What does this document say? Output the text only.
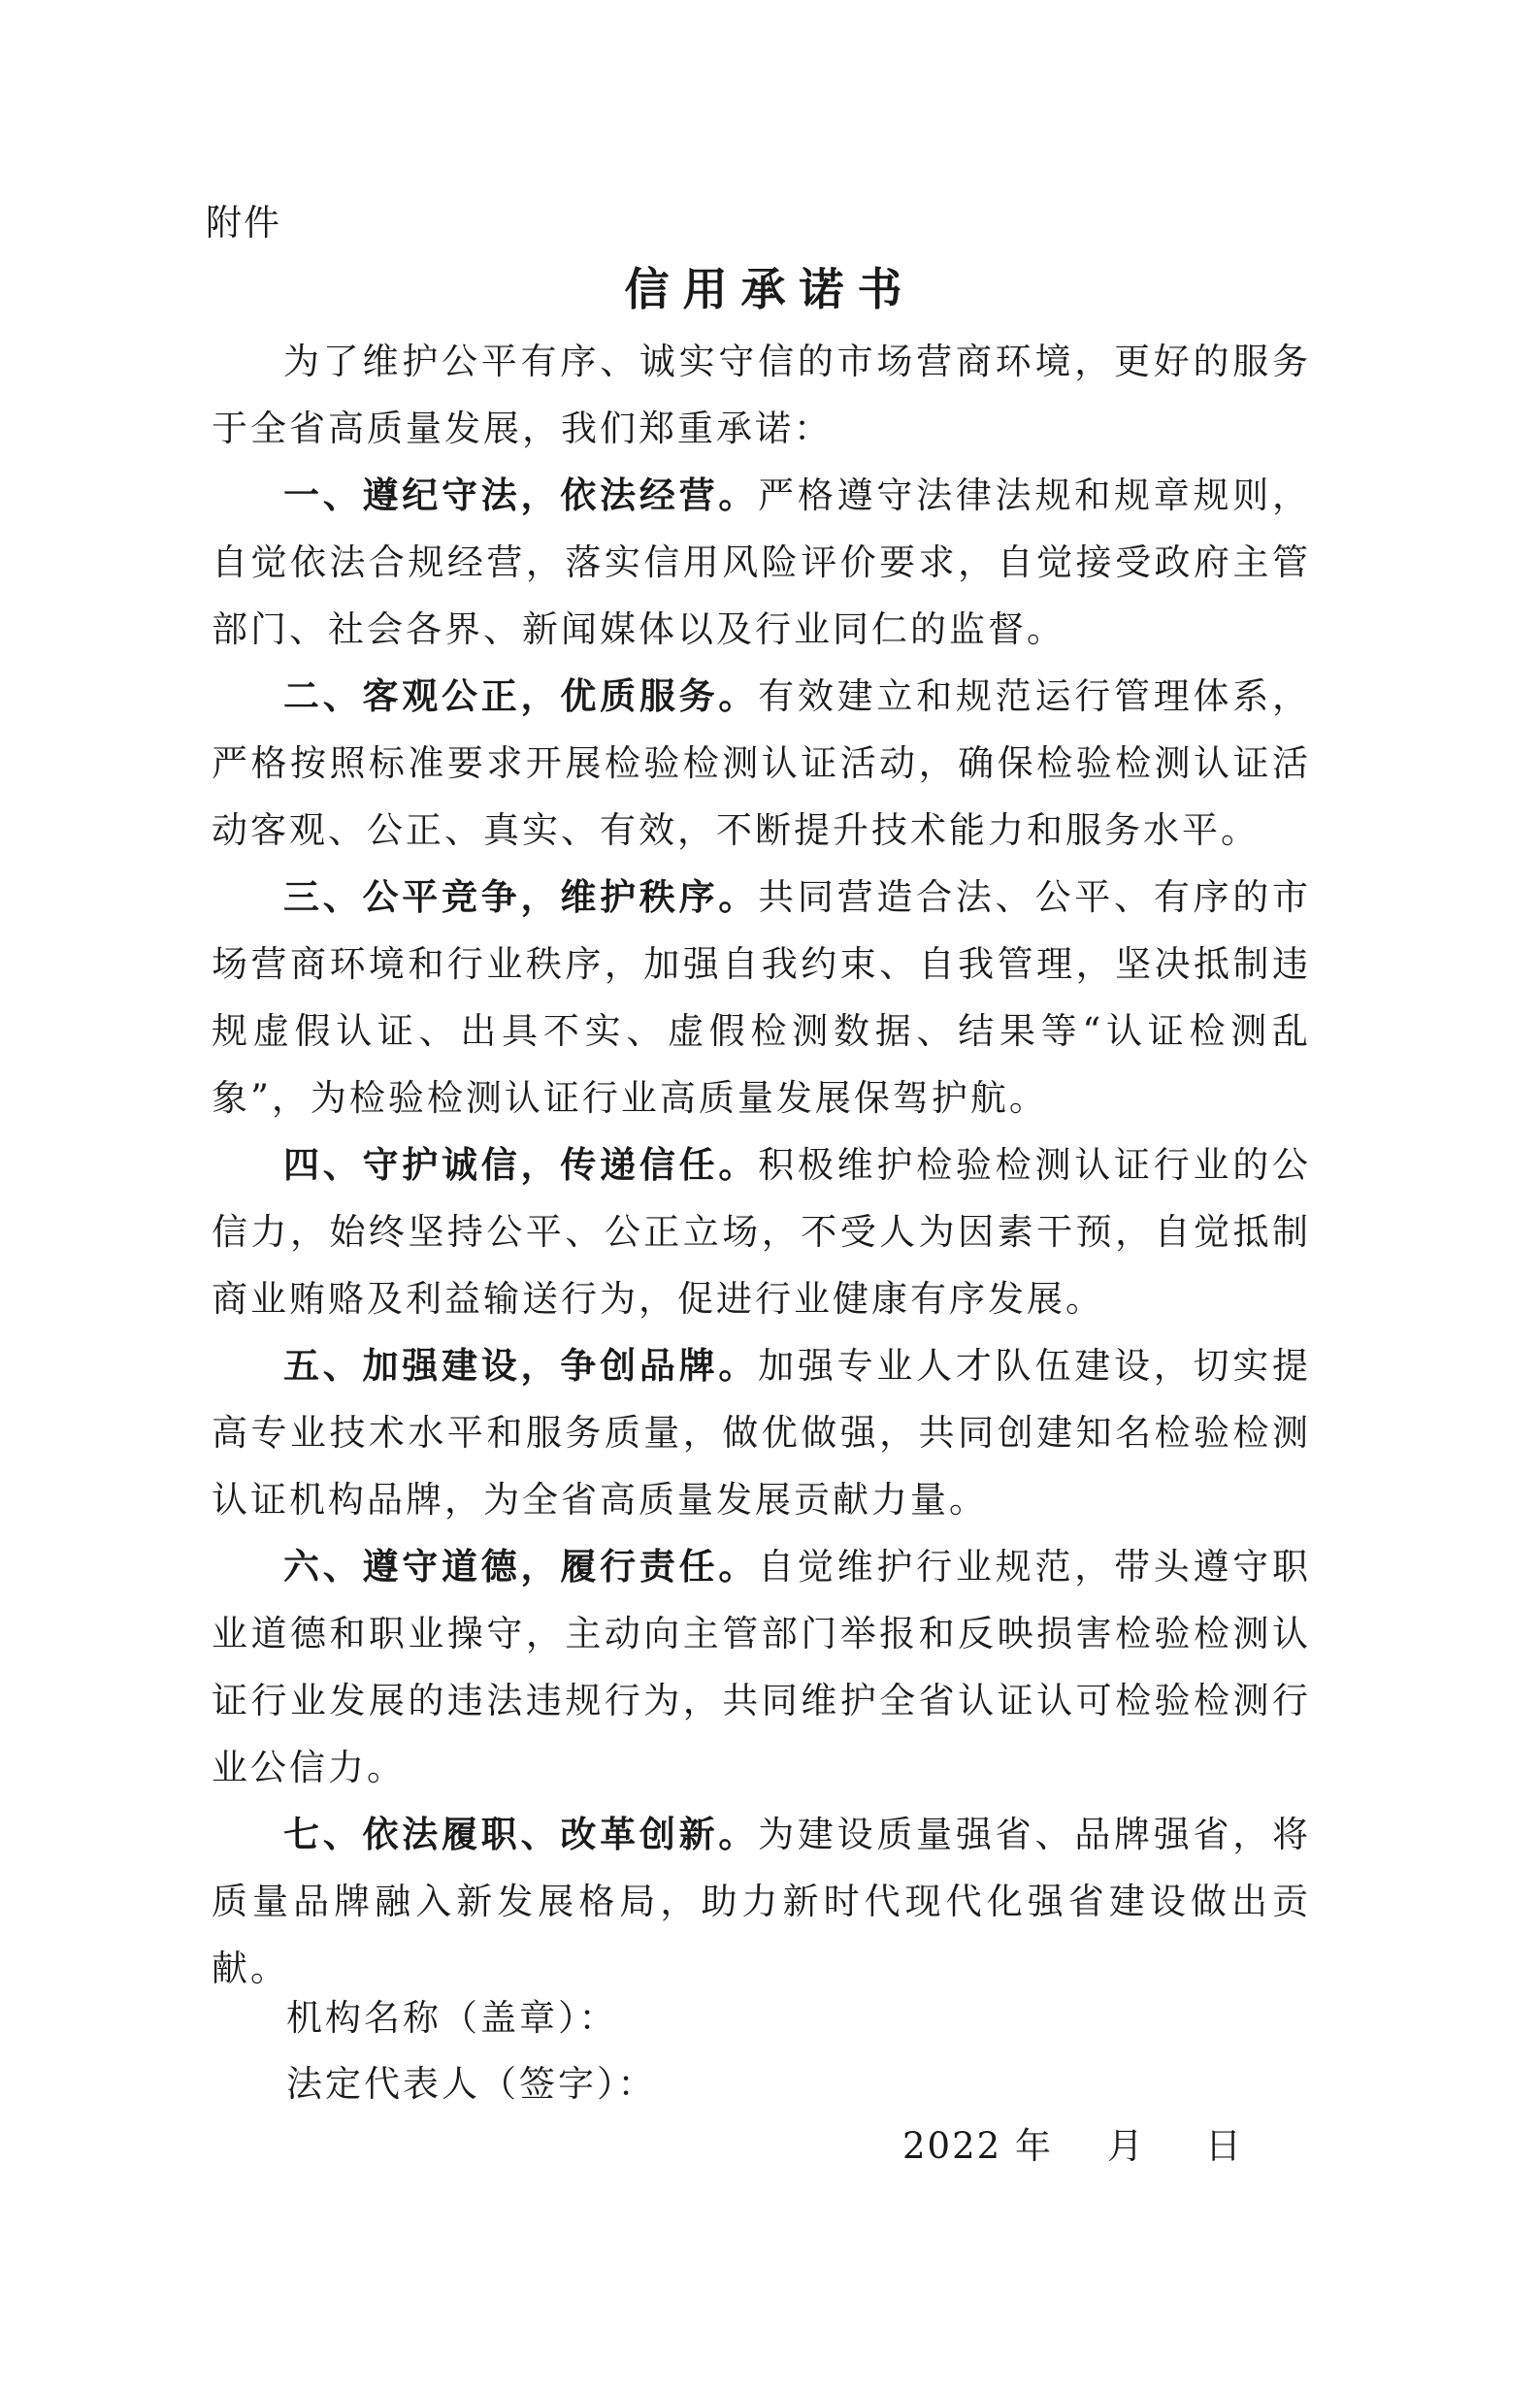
附件
信用承诺书

为了维护公平有序、诚实守信的市场营商环境，更好的服务于全省高质量发展，我们郑重承诺：

一、遵纪守法，依法经营。严格遵守法律法规和规章规则，自觉依法合规经营，落实信用风险评价要求，自觉接受政府主管部门、社会各界、新闻媒体以及行业同仁的监督。

二、客观公正，优质服务。有效建立和规范运行管理体系，严格按照标准要求开展检验检测认证活动，确保检验检测认证活动客观、公正、真实、有效，不断提升技术能力和服务水平。

三、公平竞争，维护秩序。共同营造合法、公平、有序的市场营商环境和行业秩序，加强自我约束、自我管理，坚决抵制违规虚假认证、出具不实、虚假检测数据、结果等“认证检测乱象”，为检验检测认证行业高质量发展保驾护航。

四、守护诚信，传递信任。积极维护检验检测认证行业的公信力，始终坚持公平、公正立场，不受人为因素干预，自觉抵制商业贿赂及利益输送行为，促进行业健康有序发展。

五、加强建设，争创品牌。加强专业人才队伍建设，切实提高专业技术水平和服务质量，做优做强，共同创建知名检验检测认证机构品牌，为全省高质量发展贡献力量。

六、遵守道德，履行责任。自觉维护行业规范，带头遵守职业道德和职业操守，主动向主管部门举报和反映损害检验检测认证行业发展的违法违规行为，共同维护全省认证认可检验检测行业公信力。

七、依法履职、改革创新。为建设质量强省、品牌强省，将质量品牌融入新发展格局，助力新时代现代化强省建设做出贡献。

机构名称（盖章）：
法定代表人（签字）：
2022 年 月 日
